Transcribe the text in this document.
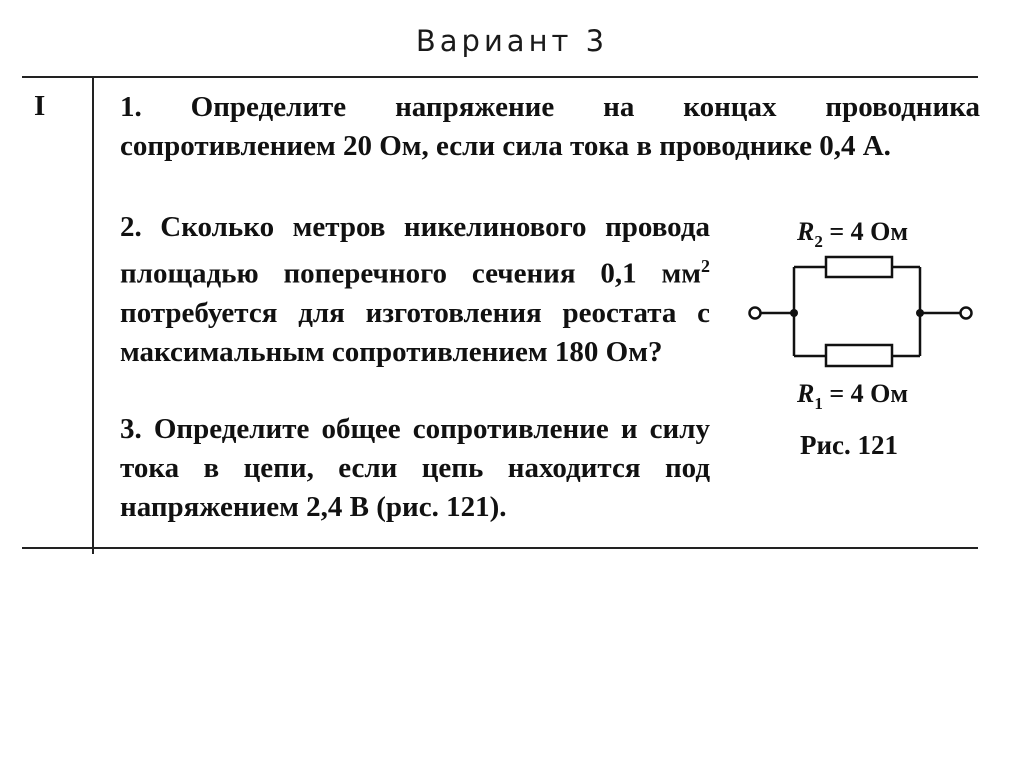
Вариант 3
I	1. Определите напряжение на концах проводника сопротивлением 20 Ом, если сила тока в проводнике 0,4 А.
2. Сколько метров никелинового провода площадью поперечного сечения 0,1 $мм^2$ потребуется для изготовления реостата с максимальным сопротивлением 180 Ом?
3. Определите общее сопротивление и силу тока в цепи, если цепь находится под напряжением 2,4 В (рис. 121).
$R_2 = 4$ Ом
$R_1 = 4$ Ом
Рис. 121
